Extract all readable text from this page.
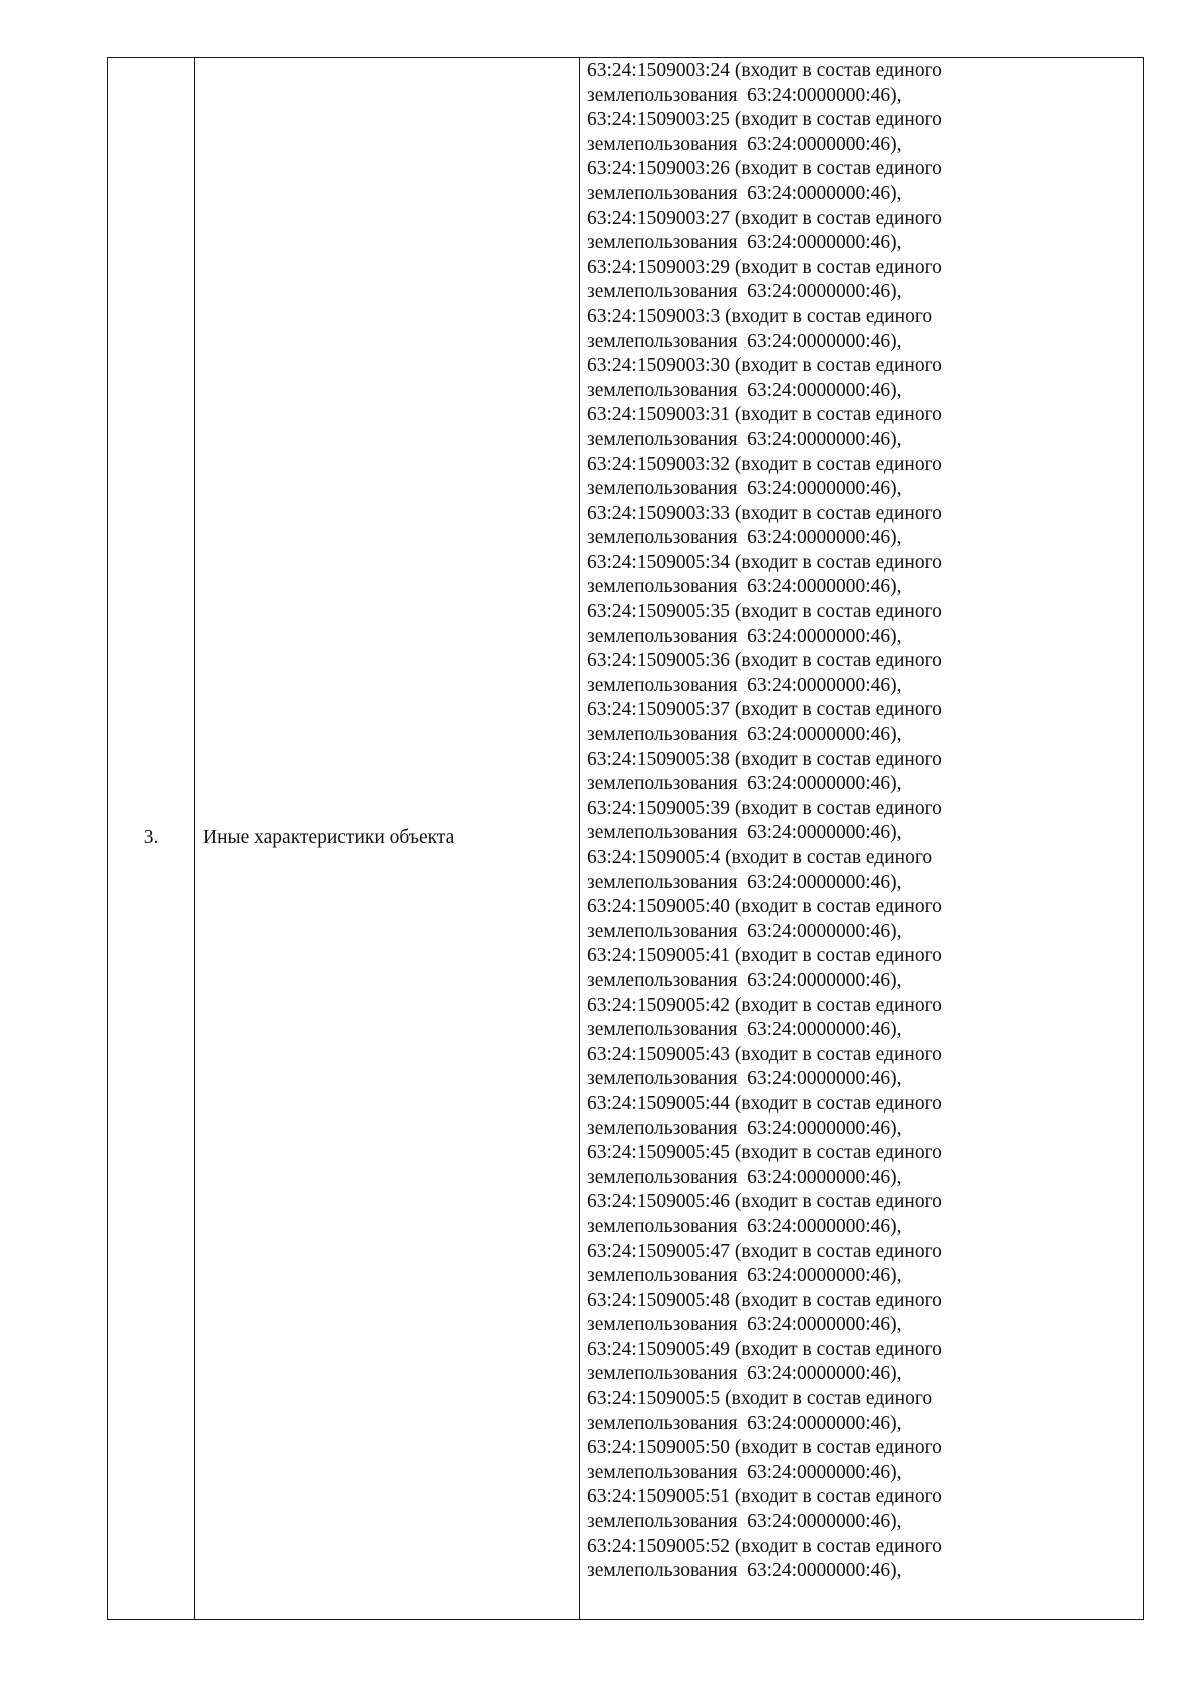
3.	Иные характеристики объекта	
63:24:1509003:24 (входит в состав единого
землепользования  63:24:0000000:46),
63:24:1509003:25 (входит в состав единого
землепользования  63:24:0000000:46),
63:24:1509003:26 (входит в состав единого
землепользования  63:24:0000000:46),
63:24:1509003:27 (входит в состав единого
землепользования  63:24:0000000:46),
63:24:1509003:29 (входит в состав единого
землепользования  63:24:0000000:46),
63:24:1509003:3 (входит в состав единого
землепользования  63:24:0000000:46),
63:24:1509003:30 (входит в состав единого
землепользования  63:24:0000000:46),
63:24:1509003:31 (входит в состав единого
землепользования  63:24:0000000:46),
63:24:1509003:32 (входит в состав единого
землепользования  63:24:0000000:46),
63:24:1509003:33 (входит в состав единого
землепользования  63:24:0000000:46),
63:24:1509005:34 (входит в состав единого
землепользования  63:24:0000000:46),
63:24:1509005:35 (входит в состав единого
землепользования  63:24:0000000:46),
63:24:1509005:36 (входит в состав единого
землепользования  63:24:0000000:46),
63:24:1509005:37 (входит в состав единого
землепользования  63:24:0000000:46),
63:24:1509005:38 (входит в состав единого
землепользования  63:24:0000000:46),
63:24:1509005:39 (входит в состав единого
землепользования  63:24:0000000:46),
63:24:1509005:4 (входит в состав единого
землепользования  63:24:0000000:46),
63:24:1509005:40 (входит в состав единого
землепользования  63:24:0000000:46),
63:24:1509005:41 (входит в состав единого
землепользования  63:24:0000000:46),
63:24:1509005:42 (входит в состав единого
землепользования  63:24:0000000:46),
63:24:1509005:43 (входит в состав единого
землепользования  63:24:0000000:46),
63:24:1509005:44 (входит в состав единого
землепользования  63:24:0000000:46),
63:24:1509005:45 (входит в состав единого
землепользования  63:24:0000000:46),
63:24:1509005:46 (входит в состав единого
землепользования  63:24:0000000:46),
63:24:1509005:47 (входит в состав единого
землепользования  63:24:0000000:46),
63:24:1509005:48 (входит в состав единого
землепользования  63:24:0000000:46),
63:24:1509005:49 (входит в состав единого
землепользования  63:24:0000000:46),
63:24:1509005:5 (входит в состав единого
землепользования  63:24:0000000:46),
63:24:1509005:50 (входит в состав единого
землепользования  63:24:0000000:46),
63:24:1509005:51 (входит в состав единого
землепользования  63:24:0000000:46),
63:24:1509005:52 (входит в состав единого
землепользования  63:24:0000000:46),
